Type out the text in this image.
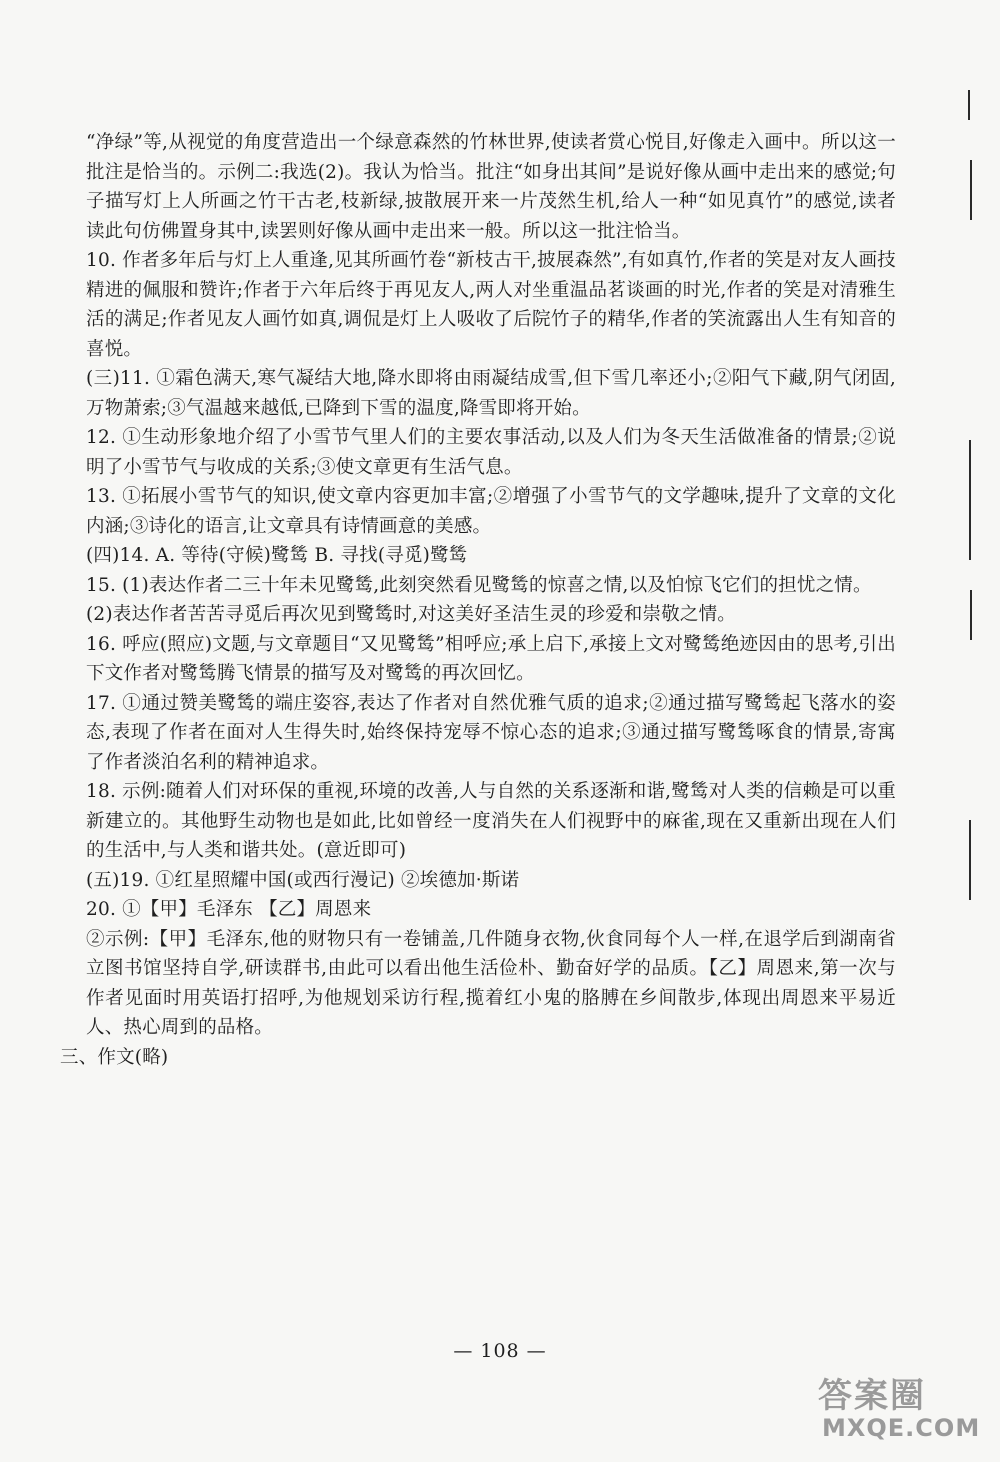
“净绿”等,从视觉的角度营造出一个绿意森然的竹林世界,使读者赏心悦目,好像走入画中。所以这一批注是恰当的。示例二:我选(2)。我认为恰当。批注“如身出其间”是说好像从画中走出来的感觉;句子描写灯上人所画之竹干古老,枝新绿,披散展开来一片茂然生机,给人一种“如见真竹”的感觉,读者读此句仿佛置身其中,读罢则好像从画中走出来一般。所以这一批注恰当。

10. 作者多年后与灯上人重逢,见其所画竹卷“新枝古干,披展森然”,有如真竹,作者的笑是对友人画技精进的佩服和赞许;作者于六年后终于再见友人,两人对坐重温品茗谈画的时光,作者的笑是对清雅生活的满足;作者见友人画竹如真,调侃是灯上人吸收了后院竹子的精华,作者的笑流露出人生有知音的喜悦。

(三)11. ①霜色满天,寒气凝结大地,降水即将由雨凝结成雪,但下雪几率还小;②阳气下藏,阴气闭固,万物萧索;③气温越来越低,已降到下雪的温度,降雪即将开始。

12. ①生动形象地介绍了小雪节气里人们的主要农事活动,以及人们为冬天生活做准备的情景;②说明了小雪节气与收成的关系;③使文章更有生活气息。

13. ①拓展小雪节气的知识,使文章内容更加丰富;②增强了小雪节气的文学趣味,提升了文章的文化内涵;③诗化的语言,让文章具有诗情画意的美感。

(四)14. A. 等待(守候)鹭鸶 B. 寻找(寻觅)鹭鸶

15. (1)表达作者二三十年未见鹭鸶,此刻突然看见鹭鸶的惊喜之情,以及怕惊飞它们的担忧之情。

(2)表达作者苦苦寻觅后再次见到鹭鸶时,对这美好圣洁生灵的珍爱和崇敬之情。

16. 呼应(照应)文题,与文章题目“又见鹭鸶”相呼应;承上启下,承接上文对鹭鸶绝迹因由的思考,引出下文作者对鹭鸶腾飞情景的描写及对鹭鸶的再次回忆。

17. ①通过赞美鹭鸶的端庄姿容,表达了作者对自然优雅气质的追求;②通过描写鹭鸶起飞落水的姿态,表现了作者在面对人生得失时,始终保持宠辱不惊心态的追求;③通过描写鹭鸶啄食的情景,寄寓了作者淡泊名利的精神追求。

18. 示例:随着人们对环保的重视,环境的改善,人与自然的关系逐渐和谐,鹭鸶对人类的信赖是可以重新建立的。其他野生动物也是如此,比如曾经一度消失在人们视野中的麻雀,现在又重新出现在人们的生活中,与人类和谐共处。(意近即可)

(五)19. ①红星照耀中国(或西行漫记) ②埃德加·斯诺

20. ①【甲】毛泽东 【乙】周恩来

②示例:【甲】毛泽东,他的财物只有一卷铺盖,几件随身衣物,伙食同每个人一样,在退学后到湖南省立图书馆坚持自学,研读群书,由此可以看出他生活俭朴、勤奋好学的品质。【乙】周恩来,第一次与作者见面时用英语打招呼,为他规划采访行程,揽着红小鬼的胳膊在乡间散步,体现出周恩来平易近人、热心周到的品格。

三、作文(略)

— 108 —
答案圈
MXQE.COM
